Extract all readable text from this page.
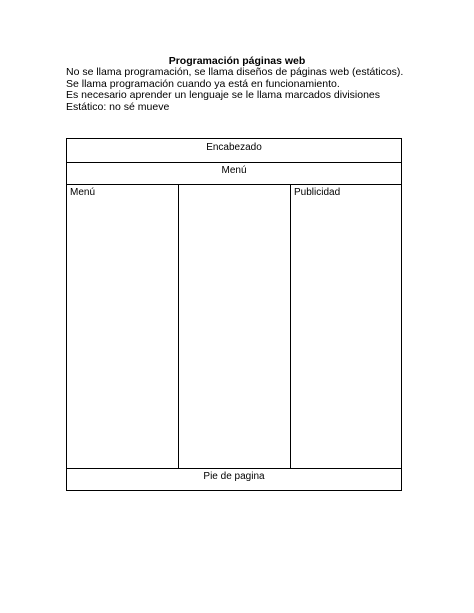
Programación páginas web
No se llama programación, se llama diseños de páginas web (estáticos).
Se llama programación cuando ya está en funcionamiento.
Es necesario aprender un lenguaje se le llama marcados divisiones
Estático: no sé mueve
Encabezado
Menú
Menú	Publicidad
Pie de pagina
